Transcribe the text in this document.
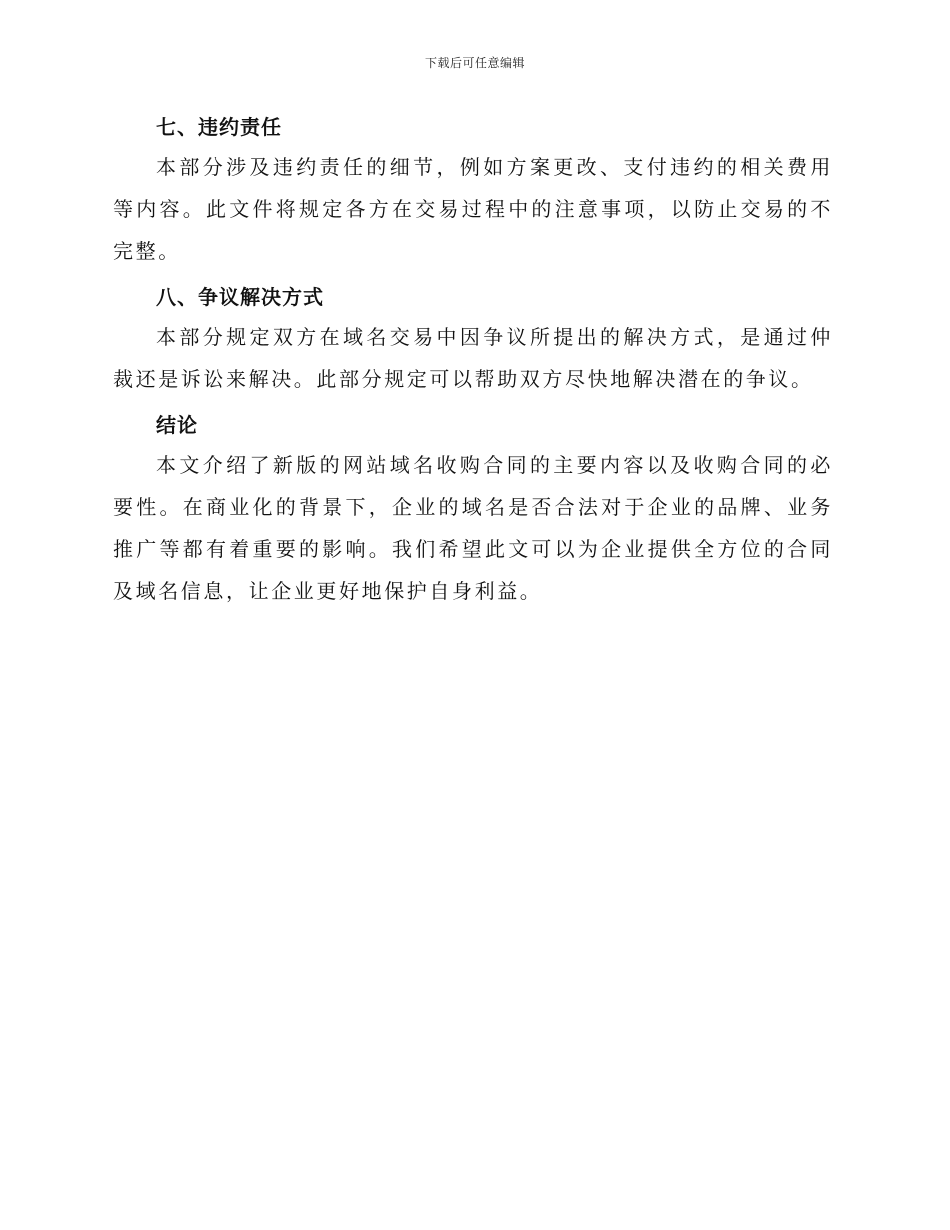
下载后可任意编辑
七、违约责任

本部分涉及违约责任的细节，例如方案更改、支付违约的相关费用等内容。此文件将规定各方在交易过程中的注意事项，以防止交易的不完整。

八、争议解决方式

本部分规定双方在域名交易中因争议所提出的解决方式，是通过仲裁还是诉讼来解决。此部分规定可以帮助双方尽快地解决潜在的争议。

结论

本文介绍了新版的网站域名收购合同的主要内容以及收购合同的必要性。在商业化的背景下，企业的域名是否合法对于企业的品牌、业务推广等都有着重要的影响。我们希望此文可以为企业提供全方位的合同及域名信息，让企业更好地保护自身利益。
